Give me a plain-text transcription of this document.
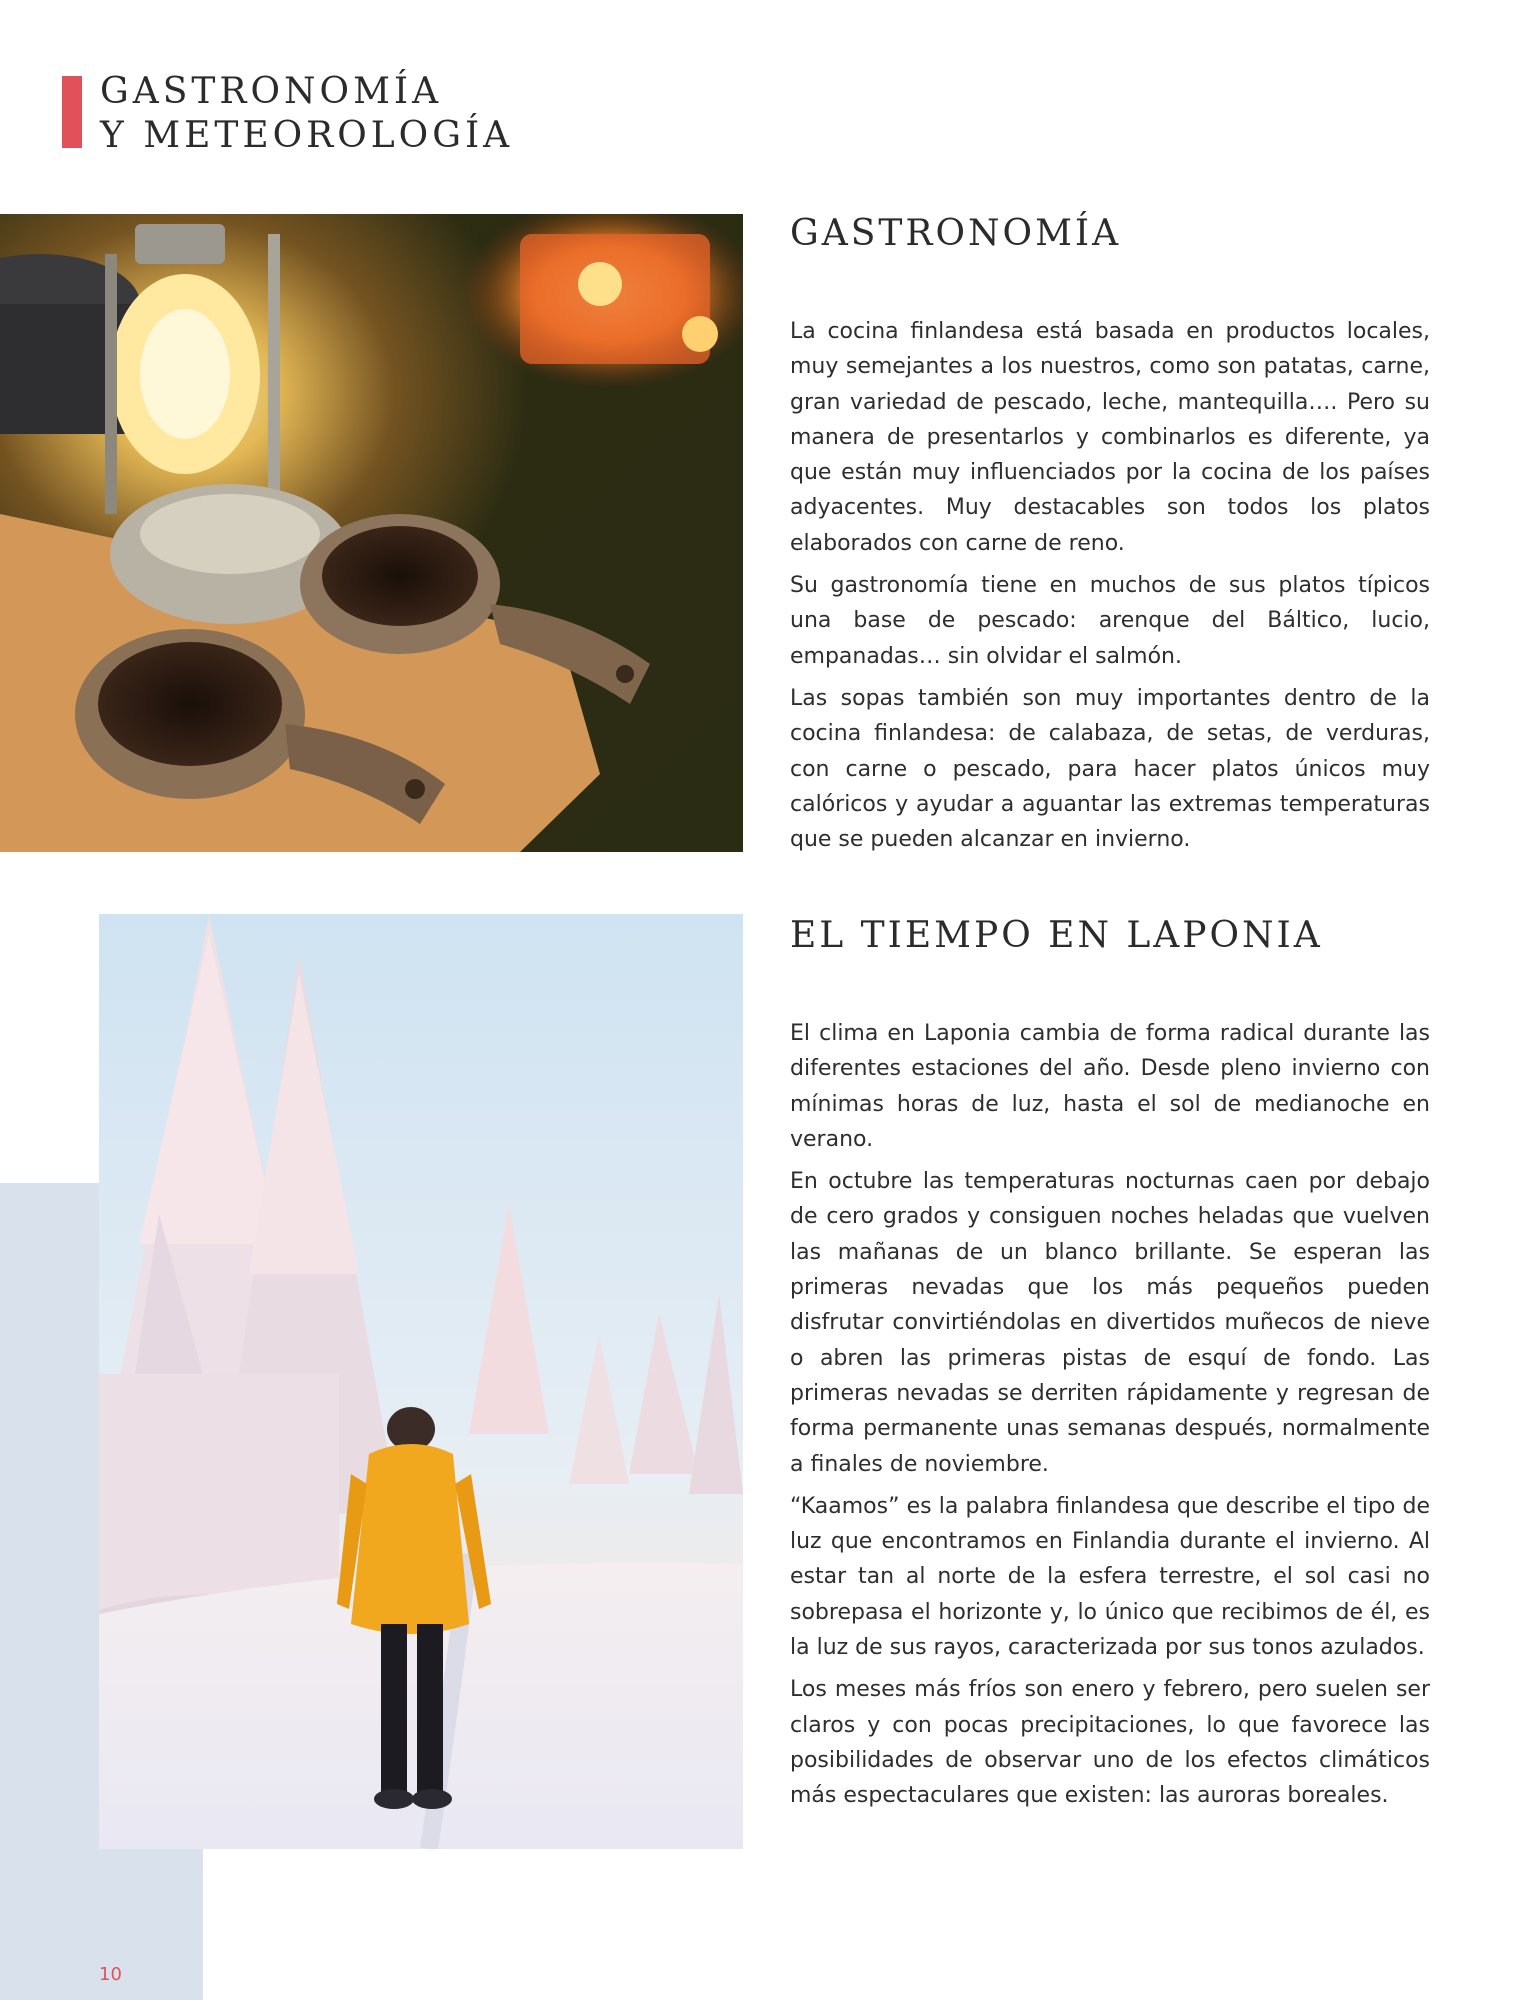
GASTRONOMÍA
Y METEOROLOGÍA
GASTRONOMÍA

La cocina finlandesa está basada en productos locales, muy semejantes a los nuestros, como son patatas, carne, gran variedad de pescado, leche, mantequilla…. Pero su manera de presentarlos y combinarlos es diferente, ya que están muy influenciados por la cocina de los países adyacentes. Muy destacables son todos los platos elaborados con carne de reno.

Su gastronomía tiene en muchos de sus platos típicos una base de pescado: arenque del Báltico, lucio, empanadas… sin olvidar el salmón.

Las sopas también son muy importantes dentro de la cocina finlandesa: de calabaza, de setas, de verduras, con carne o pescado, para hacer platos únicos muy calóricos y ayudar a aguantar las extremas temperaturas que se pueden alcanzar en invierno.

EL TIEMPO EN LAPONIA

El clima en Laponia cambia de forma radical durante las diferentes estaciones del año. Desde pleno invierno con mínimas horas de luz, hasta el sol de medianoche en verano.

En octubre las temperaturas nocturnas caen por debajo de cero grados y consiguen noches heladas que vuelven las mañanas de un blanco brillante. Se esperan las primeras nevadas que los más pequeños pueden disfrutar convirtiéndolas en divertidos muñecos de nieve o abren las primeras pistas de esquí de fondo. Las primeras nevadas se derriten rápidamente y regresan de forma permanente unas semanas después, normalmente a finales de noviembre.

“Kaamos” es la palabra finlandesa que describe el tipo de luz que encontramos en Finlandia durante el invierno. Al estar tan al norte de la esfera terrestre, el sol casi no sobrepasa el horizonte y, lo único que recibimos de él, es la luz de sus rayos, caracterizada por sus tonos azulados.

Los meses más fríos son enero y febrero, pero suelen ser claros y con pocas precipitaciones, lo que favorece las posibilidades de observar uno de los efectos climáticos más espectaculares que existen: las auroras boreales.

10
